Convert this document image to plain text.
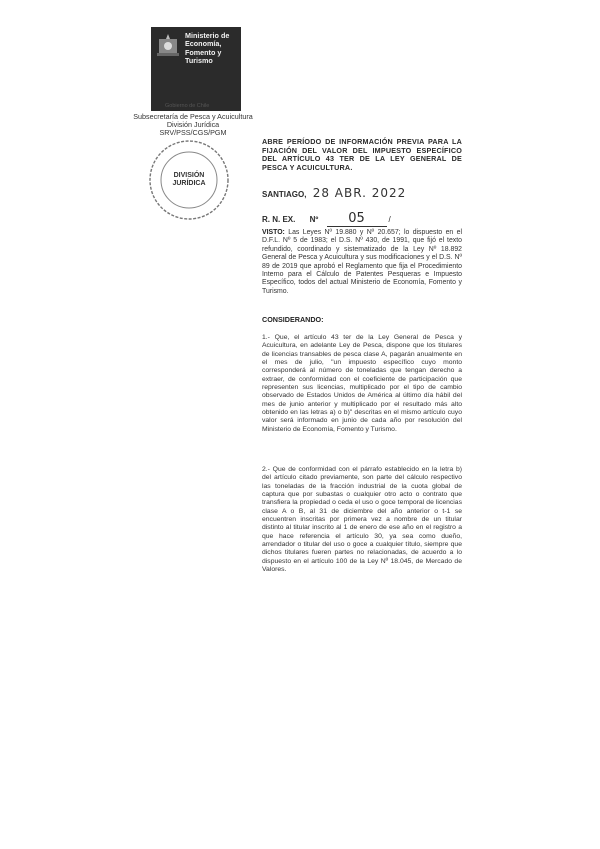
Ministerio de
Economía,
Fomento y
Turismo
Gobierno de Chile
Subsecretaría de Pesca y Acuicultura
División Jurídica
SRV/PSS/CGS/PGM
DIVISIÓN
JURÍDICA
ABRE PERÍODO DE INFORMACIÓN PREVIA PARA LA FIJACIÓN DEL VALOR DEL IMPUESTO ESPECÍFICO DEL ARTÍCULO 43 TER DE LA LEY GENERAL DE PESCA Y ACUICULTURA.
SANTIAGO, 28 ABR. 2022
R. N. EX. Nº 05	/
VISTO: Las Leyes Nº 19.880 y Nº 20.657; lo dispuesto en el D.F.L. Nº 5 de 1983; el D.S. Nº 430, de 1991, que fijó el texto refundido, coordinado y sistematizado de la Ley Nº 18.892 General de Pesca y Acuicultura y sus modificaciones y el D.S. Nº 89 de 2019 que aprobó el Reglamento que fija el Procedimiento Interno para el Cálculo de Patentes Pesqueras e Impuesto Específico, todos del actual Ministerio de Economía, Fomento y Turismo.
CONSIDERANDO:
1.- Que, el artículo 43 ter de la Ley General de Pesca y Acuicultura, en adelante Ley de Pesca, dispone que los titulares de licencias transables de pesca clase A, pagarán anualmente en el mes de julio, "un impuesto específico cuyo monto corresponderá al número de toneladas que tengan derecho a extraer, de conformidad con el coeficiente de participación que representen sus licencias, multiplicado por el tipo de cambio observado de Estados Unidos de América al último día hábil del mes de junio anterior y multiplicado por el resultado más alto obtenido en las letras a) o b)" descritas en el mismo artículo cuyo valor será informado en junio de cada año por resolución del Ministerio de Economía, Fomento y Turismo.
2.- Que de conformidad con el párrafo establecido en la letra b) del artículo citado previamente, son parte del cálculo respectivo las toneladas de la fracción industrial de la cuota global de captura que por subastas o cualquier otro acto o contrato que transfiera la propiedad o ceda el uso o goce temporal de licencias clase A o B, al 31 de diciembre del año anterior o t-1 se encuentren inscritas por primera vez a nombre de un titular distinto al titular inscrito al 1 de enero de ese año en el registro a que hace referencia el artículo 30, ya sea como dueño, arrendador o titular del uso o goce a cualquier título, siempre que dichos titulares fueren partes no relacionadas, de acuerdo a lo dispuesto en el artículo 100 de la Ley Nº 18.045, de Mercado de Valores.
